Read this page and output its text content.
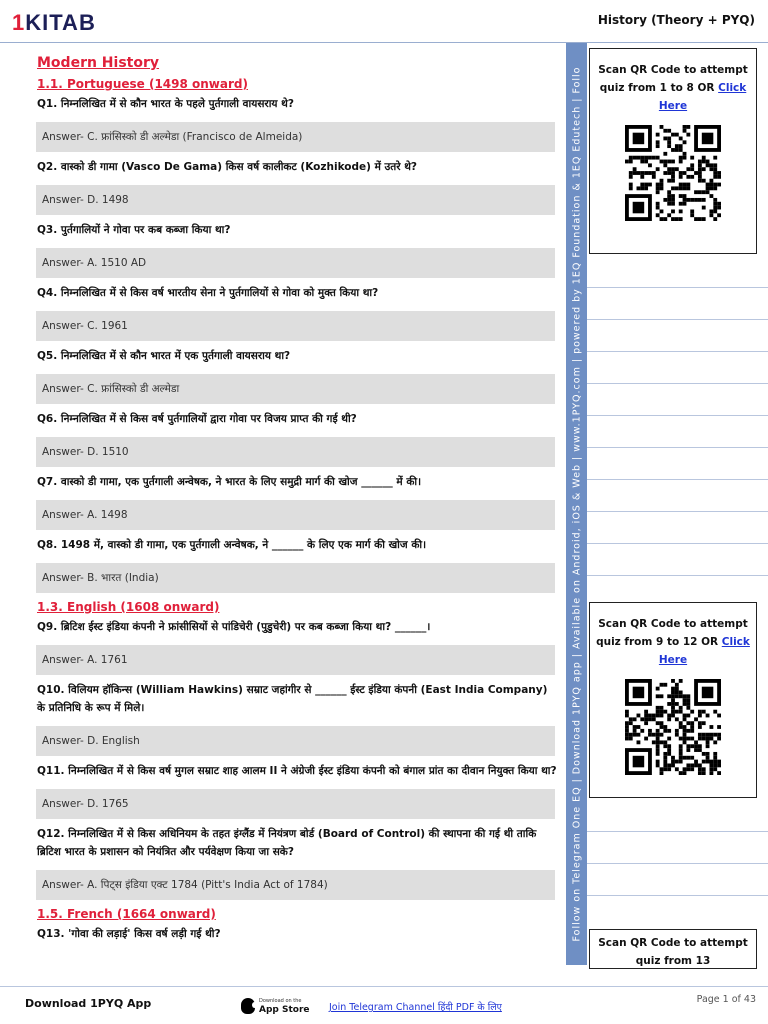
1KITAB	History (Theory + PYQ)
Modern History
1.1. Portuguese (1498 onward)
Q1. निम्नलिखित में से कौन भारत के पहले पुर्तगाली वायसराय थे?
Answer- C. फ्रांसिस्को डी अल्मेडा (Francisco de Almeida)
Q2. वास्को डी गामा (Vasco De Gama) किस वर्ष कालीकट (Kozhikode) में उतरे थे?
Answer- D. 1498
Q3. पुर्तगालियों ने गोवा पर कब कब्जा किया था?
Answer- A. 1510 AD
Q4. निम्नलिखित में से किस वर्ष भारतीय सेना ने पुर्तगालियों से गोवा को मुक्त किया था?
Answer- C. 1961
Q5. निम्नलिखित में से कौन भारत में एक पुर्तगाली वायसराय था?
Answer- C. फ्रांसिस्को डी अल्मेडा
Q6. निम्नलिखित में से किस वर्ष पुर्तगालियों द्वारा गोवा पर विजय प्राप्त की गई थी?
Answer- D. 1510
Q7. वास्को डी गामा, एक पुर्तगाली अन्वेषक, ने भारत के लिए समुद्री मार्ग की खोज ______ में की।
Answer- A. 1498
Q8. 1498 में, वास्को डी गामा, एक पुर्तगाली अन्वेषक, ने ______ के लिए एक मार्ग की खोज की।
Answer- B. भारत (India)
1.3. English (1608 onward)
Q9. ब्रिटिश ईस्ट इंडिया कंपनी ने फ्रांसीसियों से पांडिचेरी (पुडुचेरी) पर कब कब्जा किया था? ______।
Answer- A. 1761
Q10. विलियम हॉकिन्स (William Hawkins) सम्राट जहांगीर से ______ ईस्ट इंडिया कंपनी (East India Company) के प्रतिनिधि के रूप में मिले।
Answer- D. English
Q11. निम्नलिखित में से किस वर्ष मुगल सम्राट शाह आलम II ने अंग्रेजी ईस्ट इंडिया कंपनी को बंगाल प्रांत का दीवान नियुक्त किया था?
Answer- D. 1765
Q12. निम्नलिखित में से किस अधिनियम के तहत इंग्लैंड में नियंत्रण बोर्ड (Board of Control) की स्थापना की गई थी ताकि ब्रिटिश भारत के प्रशासन को नियंत्रित और पर्यवेक्षण किया जा सके?
Answer- A. पिट्स इंडिया एक्ट 1784 (Pitt's India Act of 1784)
1.5. French (1664 onward)
Q13. 'गोवा की लड़ाई' किस वर्ष लड़ी गई थी?	Follow on Telegram One EQ | Download 1PYQ app | Available on Android, iOS & Web | www.1PYQ.com | powered by 1EQ Foundation & 1EQ Edutech | Follo	Scan QR Code to attempt quiz from 1 to 8 OR Click Here
Scan QR Code to attempt quiz from 9 to 12 OR Click Here
Scan QR Code to attempt quiz from 13
Download 1PYQ App	Download on the
App Store Join Telegram Channel हिंदी PDF के लिए
Page 1 of 43
